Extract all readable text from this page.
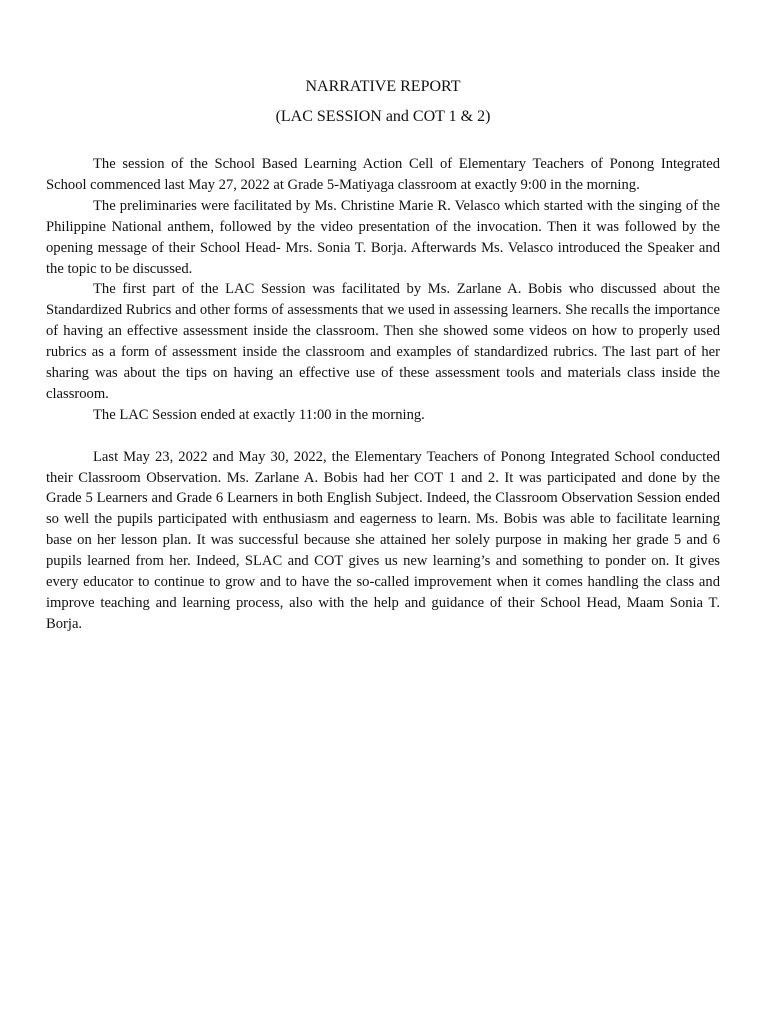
NARRATIVE REPORT

(LAC SESSION and COT 1 & 2)

The session of the School Based Learning Action Cell of Elementary Teachers of Ponong Integrated School commenced last May 27, 2022 at Grade 5-Matiyaga classroom at exactly 9:00 in the morning.

The preliminaries were facilitated by Ms. Christine Marie R. Velasco which started with the singing of the Philippine National anthem, followed by the video presentation of the invocation. Then it was followed by the opening message of their School Head- Mrs. Sonia T. Borja. Afterwards Ms. Velasco introduced the Speaker and the topic to be discussed.

The first part of the LAC Session was facilitated by Ms. Zarlane A. Bobis who discussed about the Standardized Rubrics and other forms of assessments that we used in assessing learners. She recalls the importance of having an effective assessment inside the classroom. Then she showed some videos on how to properly used rubrics as a form of assessment inside the classroom and examples of standardized rubrics. The last part of her sharing was about the tips on having an effective use of these assessment tools and materials class inside the classroom.

The LAC Session ended at exactly 11:00 in the morning.

Last May 23, 2022 and May 30, 2022, the Elementary Teachers of Ponong Integrated School conducted their Classroom Observation. Ms. Zarlane A. Bobis had her COT 1 and 2. It was participated and done by the Grade 5 Learners and Grade 6 Learners in both English Subject. Indeed, the Classroom Observation Session ended so well the pupils participated with enthusiasm and eagerness to learn. Ms. Bobis was able to facilitate learning base on her lesson plan. It was successful because she attained her solely purpose in making her grade 5 and 6 pupils learned from her. Indeed, SLAC and COT gives us new learning’s and something to ponder on. It gives every educator to continue to grow and to have the so-called improvement when it comes handling the class and improve teaching and learning process, also with the help and guidance of their School Head, Maam Sonia T. Borja.
